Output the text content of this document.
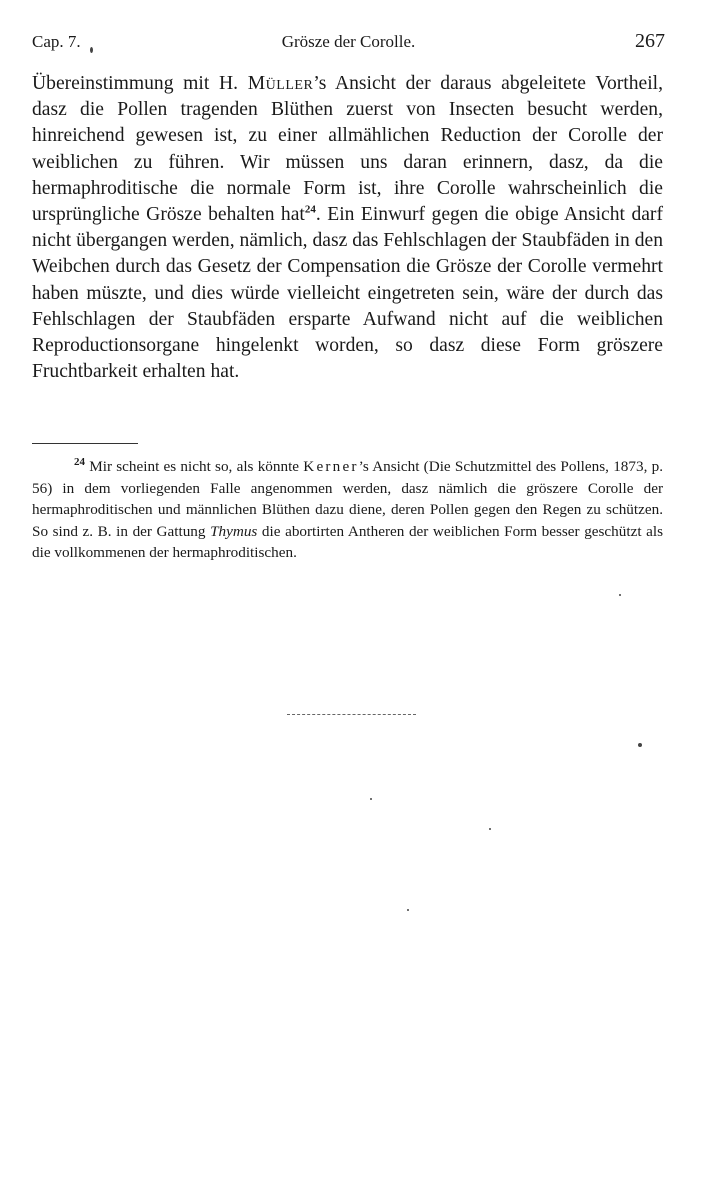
Cap. 7.	Grösze der Corolle.	267

Übereinstimmung mit H. Müller’s Ansicht der daraus abgeleitete Vortheil, dasz die Pollen tragenden Blüthen zuerst von Insecten besucht werden, hinreichend gewesen ist, zu einer allmählichen Reduction der Corolle der weiblichen zu führen. Wir müssen uns daran erinnern, dasz, da die hermaphroditische die normale Form ist, ihre Corolle wahrscheinlich die ursprüngliche Grösze behalten hat$^{24}$. Ein Einwurf gegen die obige Ansicht darf nicht übergangen werden, nämlich, dasz das Fehlschlagen der Staubfäden in den Weibchen durch das Gesetz der Compensation die Grösze der Corolle vermehrt haben müszte, und dies würde vielleicht eingetreten sein, wäre der durch das Fehlschlagen der Staubfäden ersparte Aufwand nicht auf die weiblichen Reproductionsorgane hingelenkt worden, so dasz diese Form gröszere Fruchtbarkeit erhalten hat.

$^{24}$ Mir scheint es nicht so, als könnte Kerner’s Ansicht (Die Schutzmittel des Pollens, 1873, p. 56) in dem vorliegenden Falle angenommen werden, dasz nämlich die gröszere Corolle der hermaphroditischen und männlichen Blüthen dazu diene, deren Pollen gegen den Regen zu schützen. So sind z. B. in der Gattung Thymus die abortirten Antheren der weiblichen Form besser geschützt als die vollkommenen der hermaphroditischen.
